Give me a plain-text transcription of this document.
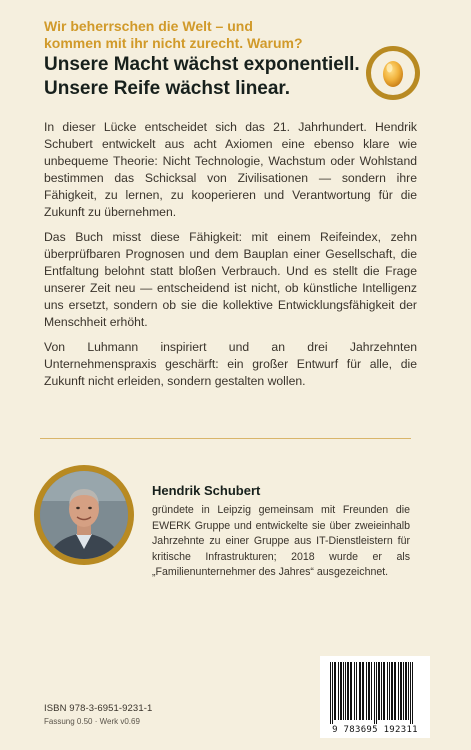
Wir beherrschen die Welt – und
kommen mit ihr nicht zurecht. Warum?
Unsere Macht wächst exponentiell.
Unsere Reife wächst linear.

In dieser Lücke entscheidet sich das 21. Jahrhundert. Hendrik Schubert entwickelt aus acht Axiomen eine ebenso klare wie unbequeme Theorie: Nicht Technologie, Wachstum oder Wohlstand bestimmen das Schicksal von Zivilisationen — sondern ihre Fähigkeit, zu lernen, zu kooperieren und Verantwortung für die Zukunft zu übernehmen.

Das Buch misst diese Fähigkeit: mit einem Reifeindex, zehn überprüfbaren Prognosen und dem Bauplan einer Gesellschaft, die Entfaltung belohnt statt bloßen Verbrauch. Und es stellt die Frage unserer Zeit neu — entscheidend ist nicht, ob künstliche Intelligenz uns ersetzt, sondern ob sie die kollektive Entwicklungsfähigkeit der Menschheit erhöht.

Von Luhmann inspiriert und an drei Jahrzehnten Unternehmenspraxis geschärft: ein großer Entwurf für alle, die Zukunft nicht erleiden, sondern gestalten wollen.

Hendrik Schubert
gründete in Leipzig gemeinsam mit Freunden die EWERK Gruppe und entwickelte sie über zweieinhalb Jahrzehnte zu einer Gruppe aus IT-Dienstleistern für kritische Infrastrukturen; 2018 wurde er als „Familienunternehmer des Jahres“ ausgezeichnet.
ISBN 978-3-6951-9231-1
Fassung 0.50 · Werk v0.69
9 783695 192311
